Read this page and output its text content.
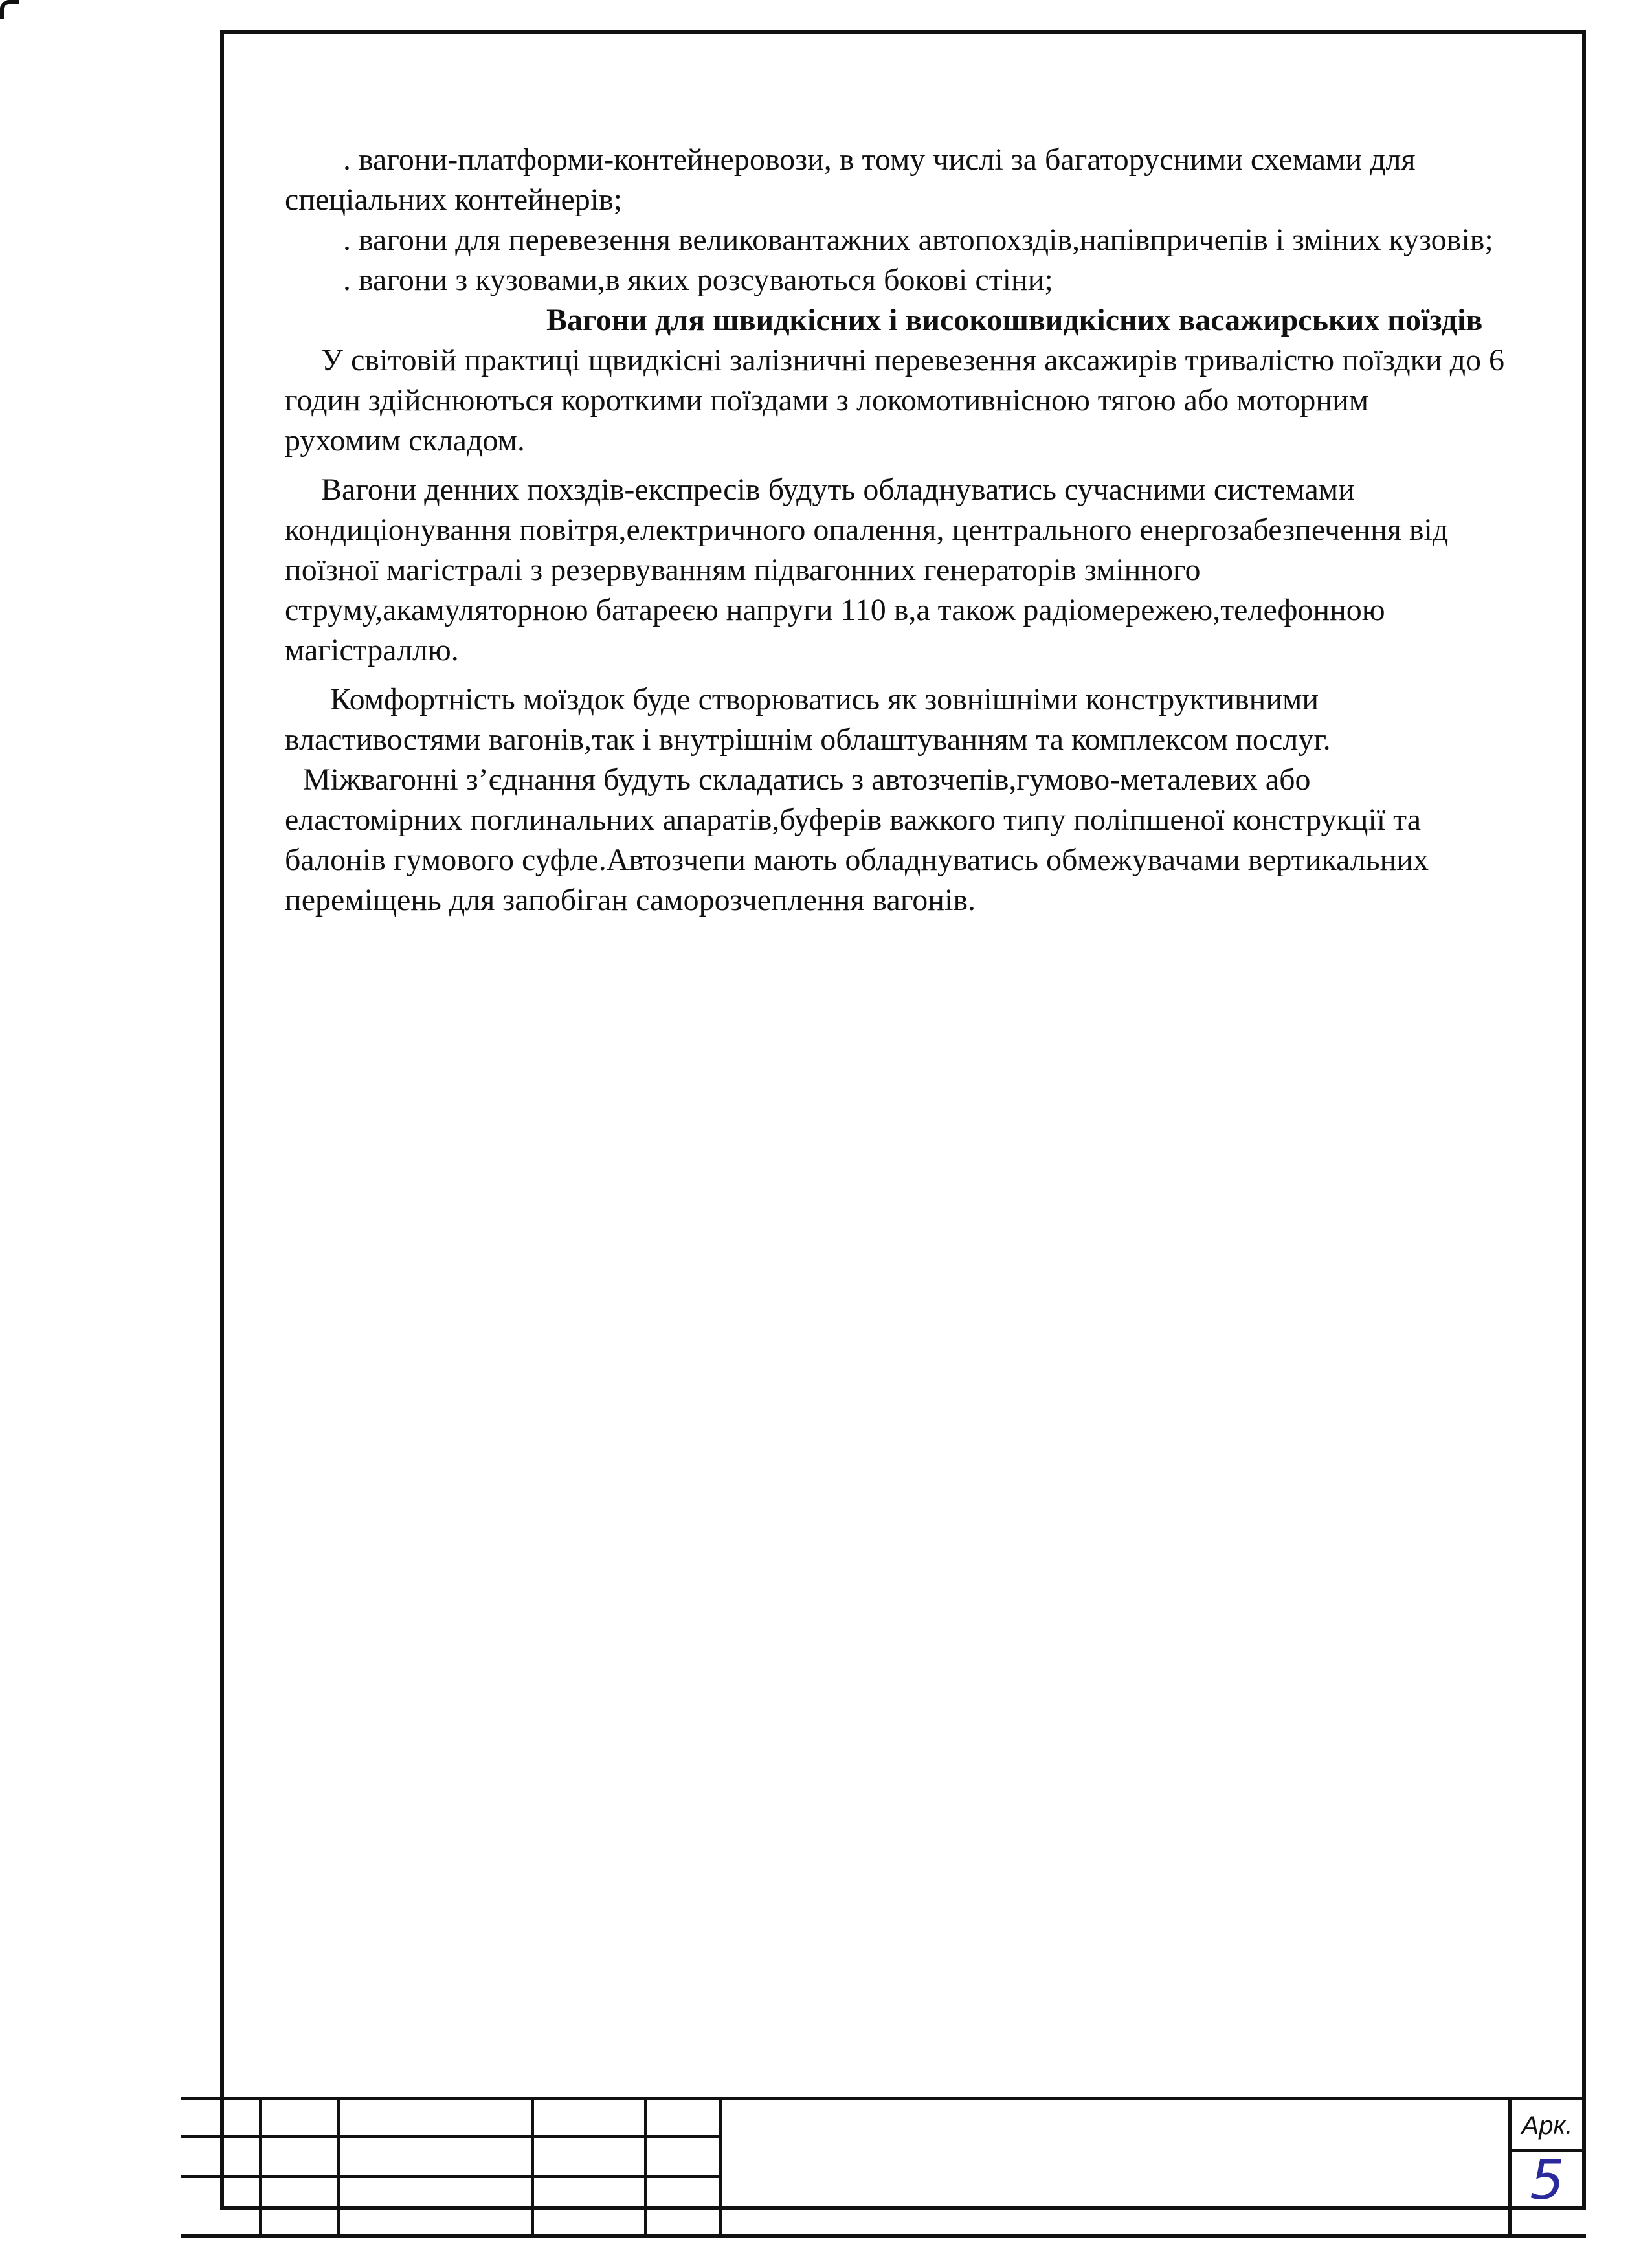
. вагони-платформи-контейнеровози, в тому числі за багаторусними схемами для

спеціальних контейнерів;

. вагони для перевезення великовантажних автопохздів,напівпричепів і зміних кузовів;

. вагони з кузовами,в яких розсуваються бокові стіни;

Вагони для швидкісних і високошвидкісних васажирських поїздів

У світовій практиці щвидкісні залізничні перевезення аксажирів тривалістю поїздки до 6

годин здійснюються короткими поїздами з локомотивнісною тягою або моторним

рухомим складом.

Вагони денних похздів-експресів будуть обладнуватись сучасними системами

кондиціонування повітря,електричного опалення, центрального енергозабезпечення від

поїзної магістралі з резервуванням підвагонних генераторів змінного

струму,акамуляторною батареєю напруги 110 в,а також радіомережею,телефонною

магістраллю.

Комфортність моїздок буде створюватись як зовнішніми конструктивними

властивостями вагонів,так і внутрішнім облаштуванням та комплексом послуг.

Міжвагонні з’єднання будуть складатись з автозчепів,гумово-металевих або

еластомірних поглинальних апаратів,буферів важкого типу поліпшеної конструкції та

балонів гумового суфле.Автозчепи мають обладнуватись обмежувачами вертикальних

переміщень для запобіган саморозчеплення вагонів.

Арк.
5
